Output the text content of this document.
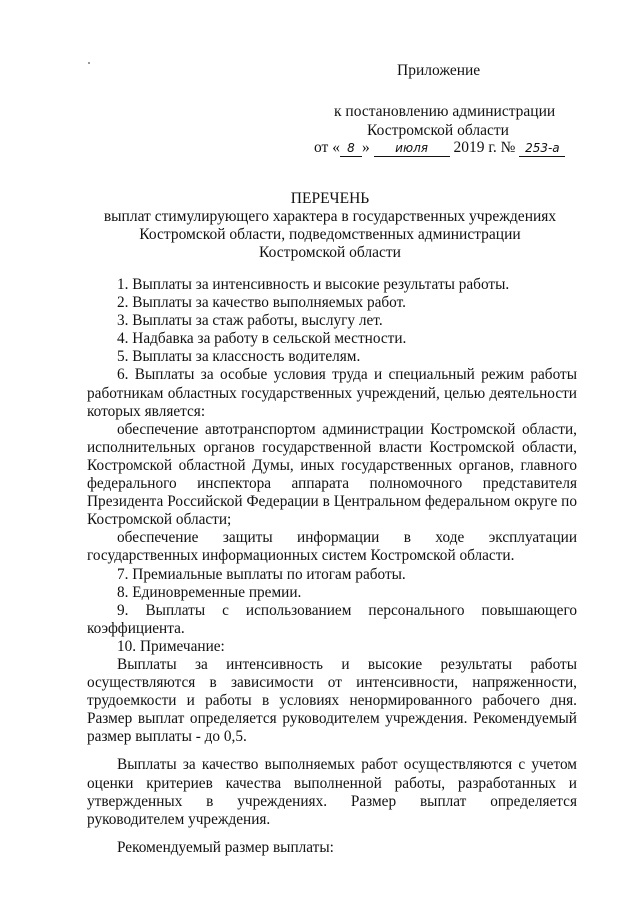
Приложение
к постановлению администрации
Костромской области
от « 8 » июля 2019 г. № 253-а
ПЕРЕЧЕНЬ
выплат стимулирующего характера в государственных учреждениях
Костромской области, подведомственных администрации
Костромской области

1. Выплаты за интенсивность и высокие результаты работы.

2. Выплаты за качество выполняемых работ.

3. Выплаты за стаж работы, выслугу лет.

4. Надбавка за работу в сельской местности.

5. Выплаты за классность водителям.

6. Выплаты за особые условия труда и специальный режим работы работникам областных государственных учреждений, целью деятельности которых является:

обеспечение автотранспортом администрации Костромской области, исполнительных органов государственной власти Костромской области, Костромской областной Думы, иных государственных органов, главного федерального инспектора аппарата полномочного представителя Президента Российской Федерации в Центральном федеральном округе по Костромской области;

обеспечение защиты информации в ходе эксплуатации государственных информационных систем Костромской области.

7. Премиальные выплаты по итогам работы.

8. Единовременные премии.

9. Выплаты с использованием персонального повышающего коэффициента.

10. Примечание:

Выплаты за интенсивность и высокие результаты работы осуществляются в зависимости от интенсивности, напряженности, трудоемкости и работы в условиях ненормированного рабочего дня. Размер выплат определяется руководителем учреждения. Рекомендуемый размер выплаты - до 0,5.

Выплаты за качество выполняемых работ осуществляются с учетом оценки критериев качества выполненной работы, разработанных и утвержденных в учреждениях. Размер выплат определяется руководителем учреждения.

Рекомендуемый размер выплаты:
